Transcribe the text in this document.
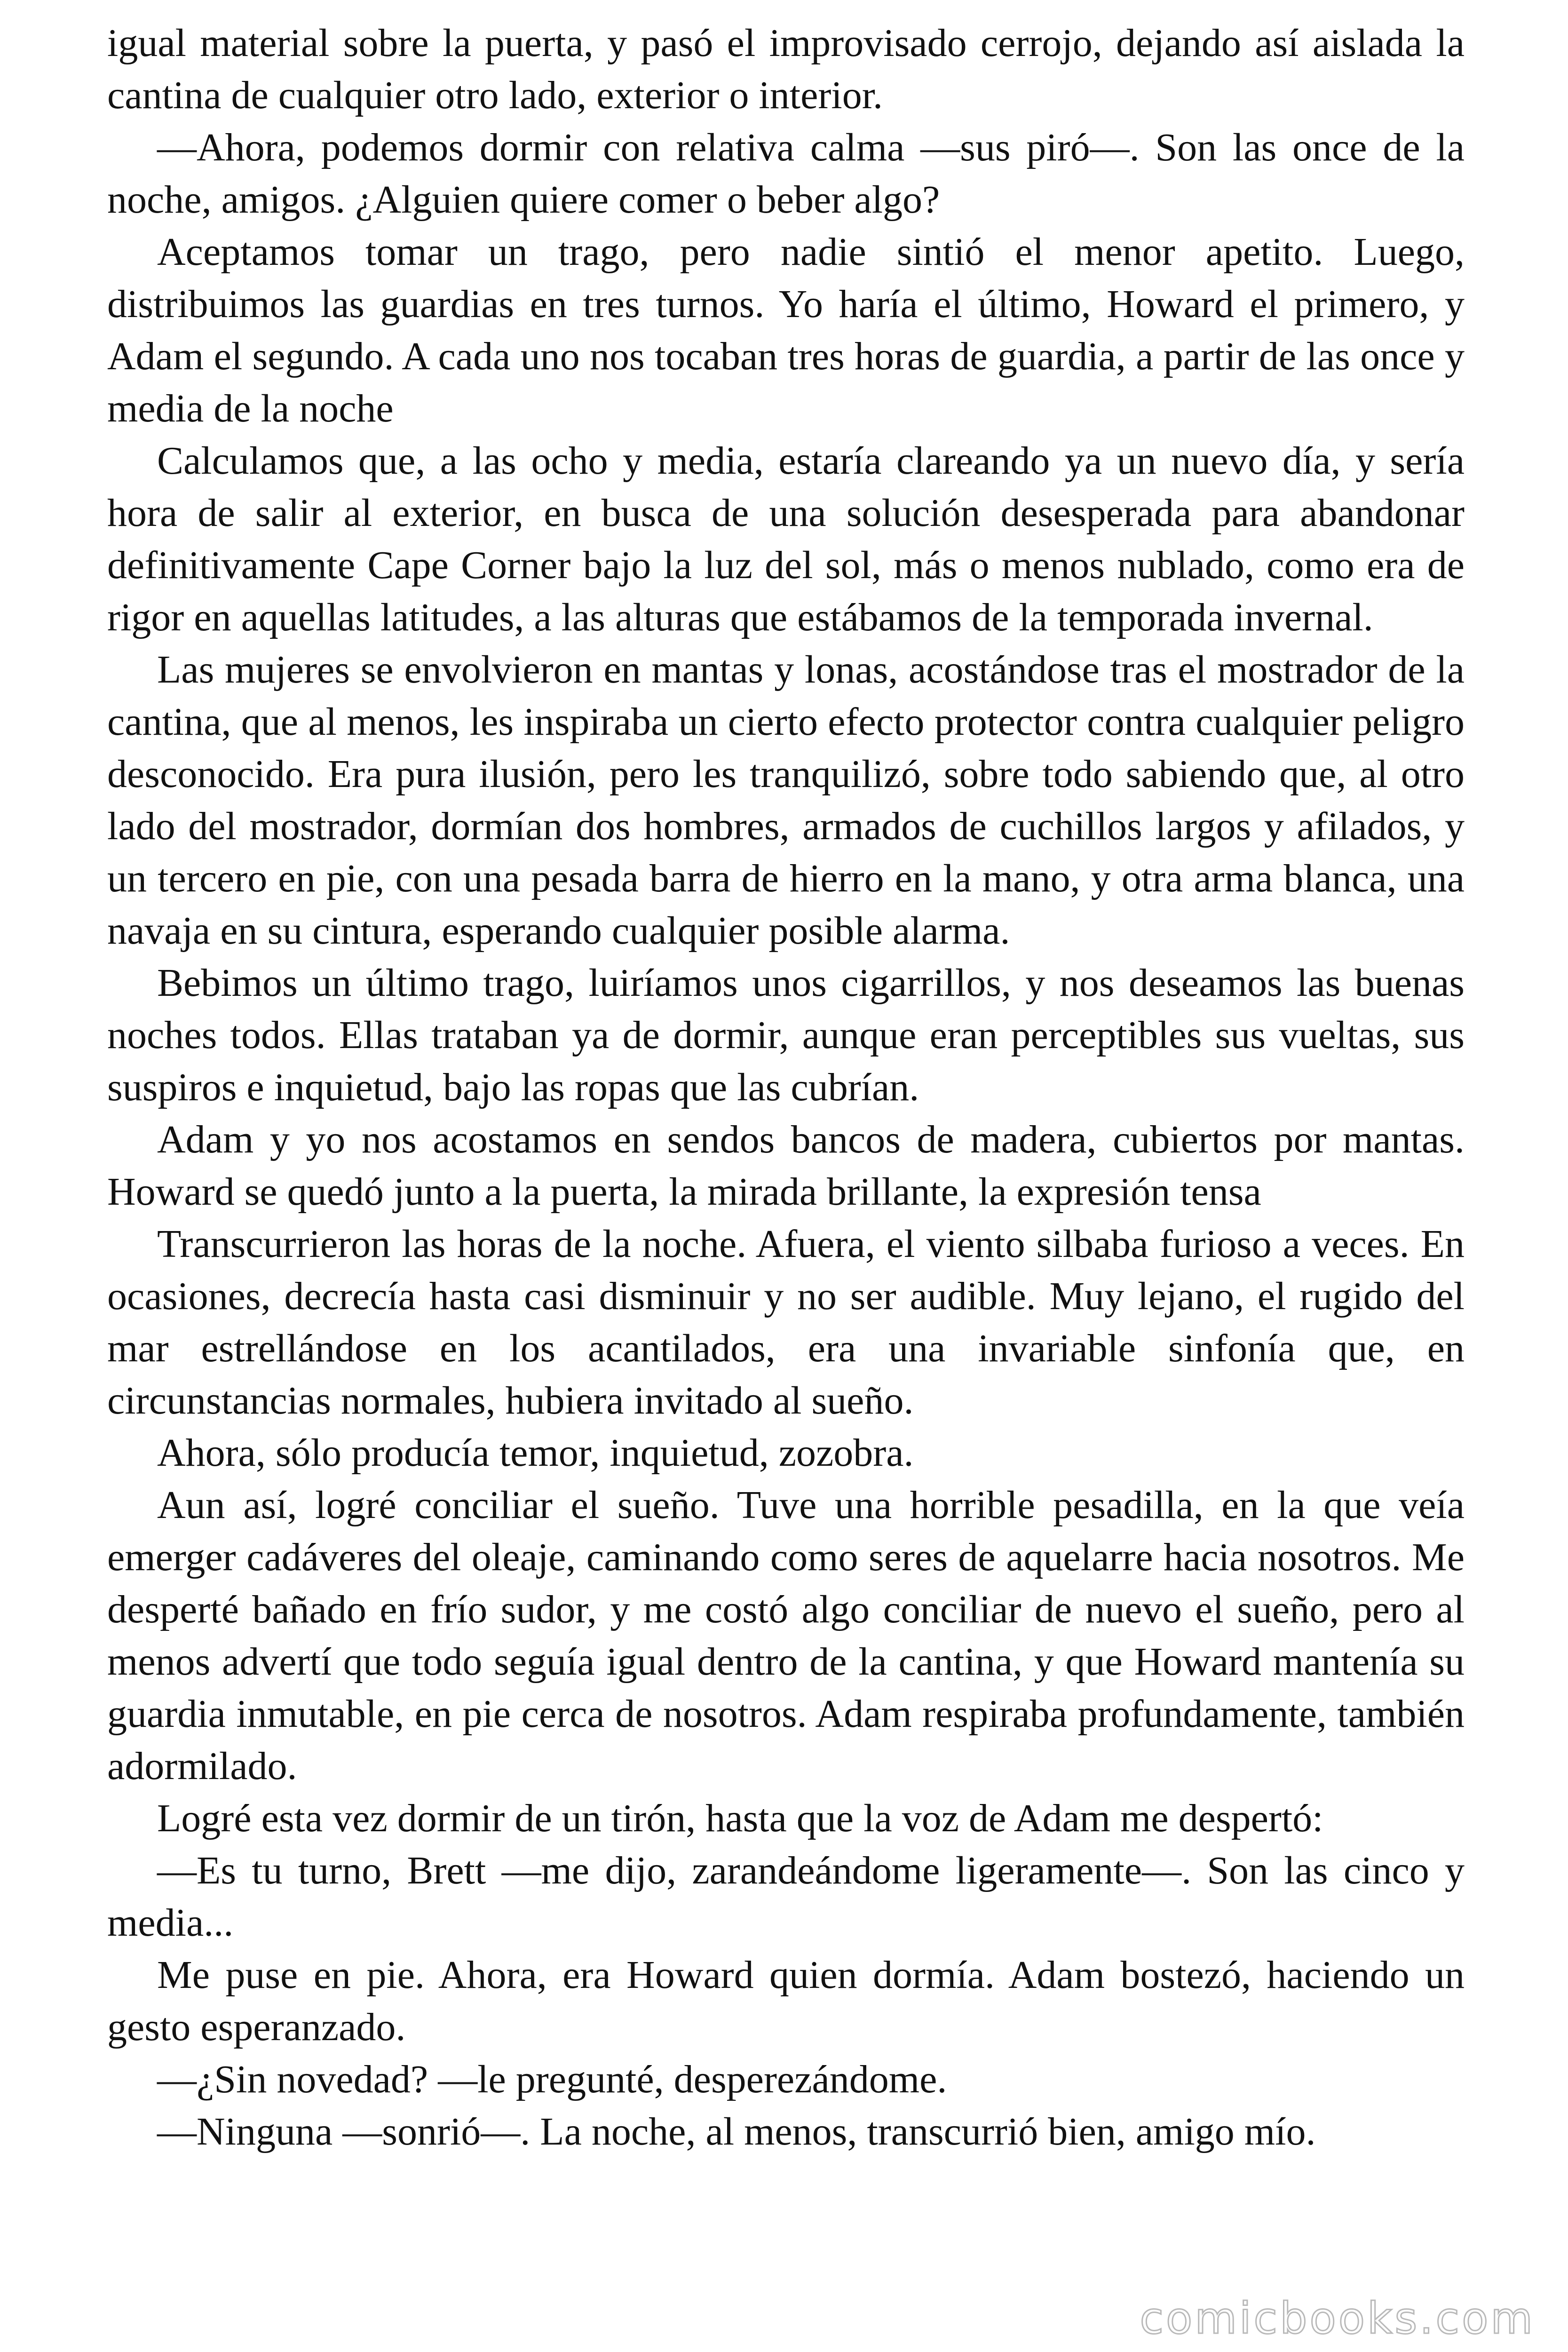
igual material sobre la puerta, y pasó el improvisado cerrojo, dejando así aislada la cantina de cualquier otro lado, exterior o interior.

—Ahora, podemos dormir con relativa calma —sus piró—. Son las once de la noche, amigos. ¿Alguien quiere comer o beber algo?

Aceptamos tomar un trago, pero nadie sintió el menor apetito. Luego, distribuimos las guardias en tres turnos. Yo haría el último, Howard el primero, y Adam el segundo. A cada uno nos tocaban tres horas de guardia, a partir de las once y media de la noche

Calculamos que, a las ocho y media, estaría clareando ya un nuevo día, y sería hora de salir al exterior, en busca de una solución desesperada para abandonar definitivamente Cape Corner bajo la luz del sol, más o menos nublado, como era de rigor en aquellas latitudes, a las alturas que estábamos de la temporada invernal.

Las mujeres se envolvieron en mantas y lonas, acostándose tras el mostrador de la cantina, que al menos, les inspiraba un cierto efecto protector contra cualquier peligro desconocido. Era pura ilusión, pero les tranquilizó, sobre todo sabiendo que, al otro lado del mostrador, dormían dos hombres, armados de cuchillos largos y afilados, y un tercero en pie, con una pesada barra de hierro en la mano, y otra arma blanca, una navaja en su cintura, esperando cualquier posible alarma.

Bebimos un último trago, luiríamos unos cigarrillos, y nos deseamos las buenas noches todos. Ellas trataban ya de dormir, aunque eran perceptibles sus vueltas, sus suspiros e inquietud, bajo las ropas que las cubrían.

Adam y yo nos acostamos en sendos bancos de madera, cubiertos por mantas. Howard se quedó junto a la puerta, la mirada brillante, la expresión tensa

Transcurrieron las horas de la noche. Afuera, el viento silbaba furioso a veces. En ocasiones, decrecía hasta casi disminuir y no ser audible. Muy lejano, el rugido del mar estrellándose en los acantilados, era una invariable sinfonía que, en circunstancias normales, hubiera invitado al sueño.

Ahora, sólo producía temor, inquietud, zozobra.

Aun así, logré conciliar el sueño. Tuve una horrible pesadilla, en la que veía emerger cadáveres del oleaje, caminando como seres de aquelarre hacia nosotros. Me desperté bañado en frío sudor, y me costó algo conciliar de nuevo el sueño, pero al menos advertí que todo seguía igual dentro de la cantina, y que Howard mantenía su guardia inmutable, en pie cerca de nosotros. Adam respiraba profundamente, también adormilado.

Logré esta vez dormir de un tirón, hasta que la voz de Adam me despertó:

—Es tu turno, Brett —me dijo, zarandeándome ligeramente—. Son las cinco y media...

Me puse en pie. Ahora, era Howard quien dormía. Adam bostezó, haciendo un gesto esperanzado.

—¿Sin novedad? —le pregunté, desperezándome.

—Ninguna —sonrió—. La noche, al menos, transcurrió bien, amigo mío.

comicbooks.com
